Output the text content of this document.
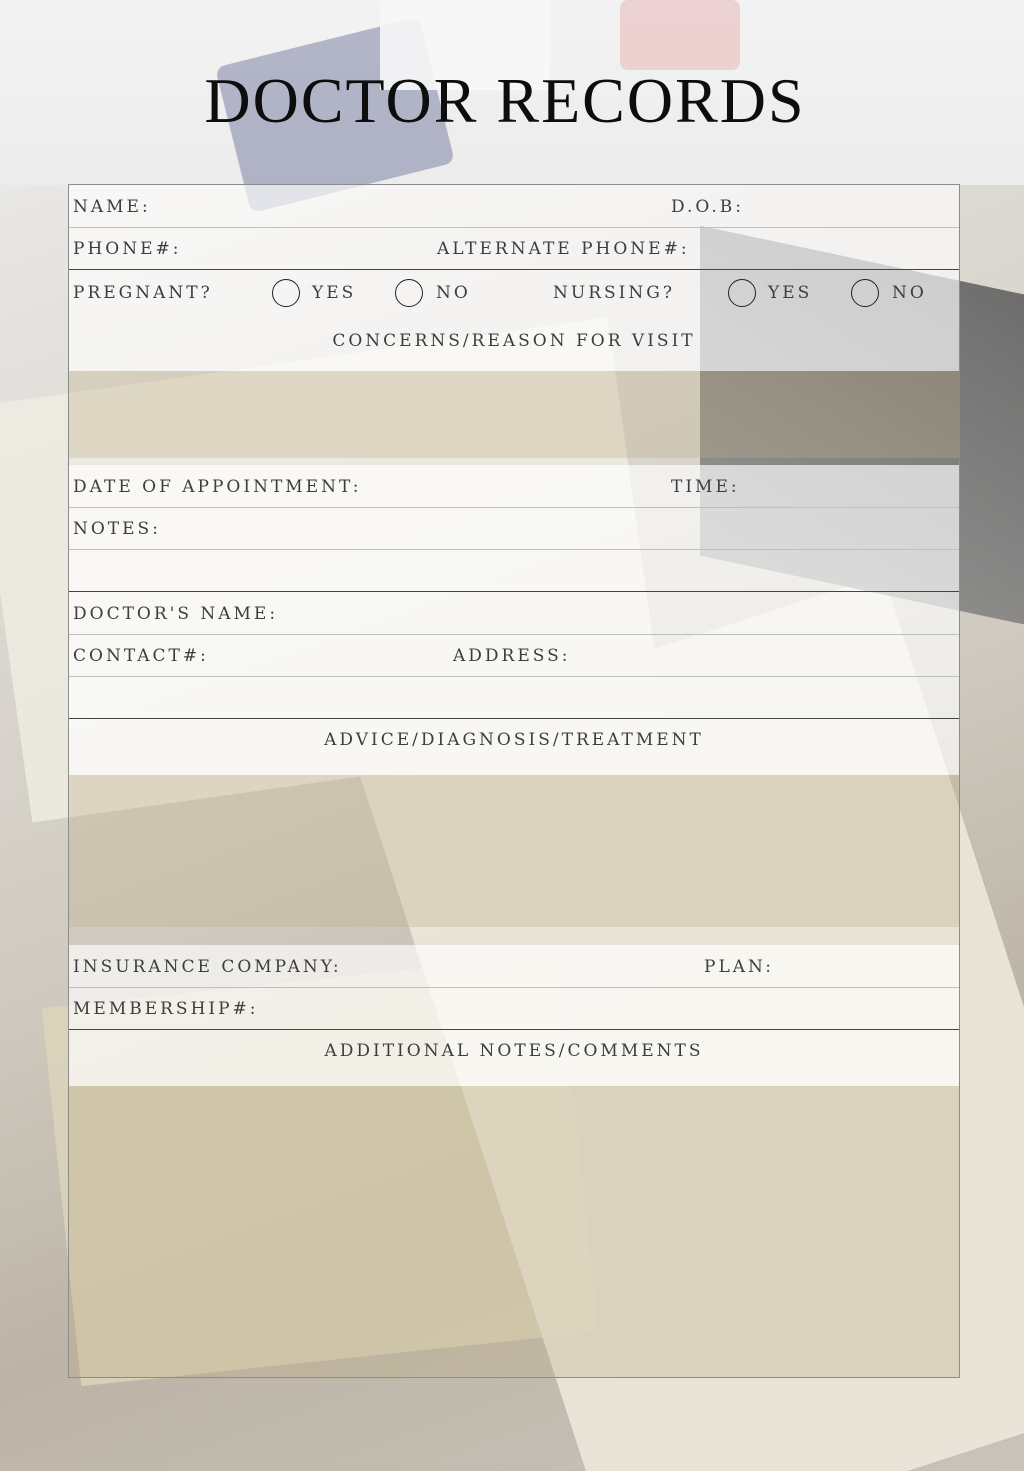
DOCTOR RECORDS
NAME:	D.O.B:
PHONE#:	ALTERNATE PHONE#:
PREGNANT?	YES	NO	NURSING?	YES	NO
CONCERNS/REASON FOR VISIT
DATE OF APPOINTMENT:	TIME:
NOTES:
DOCTOR'S NAME:
CONTACT#:	ADDRESS:
ADVICE/DIAGNOSIS/TREATMENT
INSURANCE COMPANY:	PLAN:
MEMBERSHIP#:
ADDITIONAL NOTES/COMMENTS
